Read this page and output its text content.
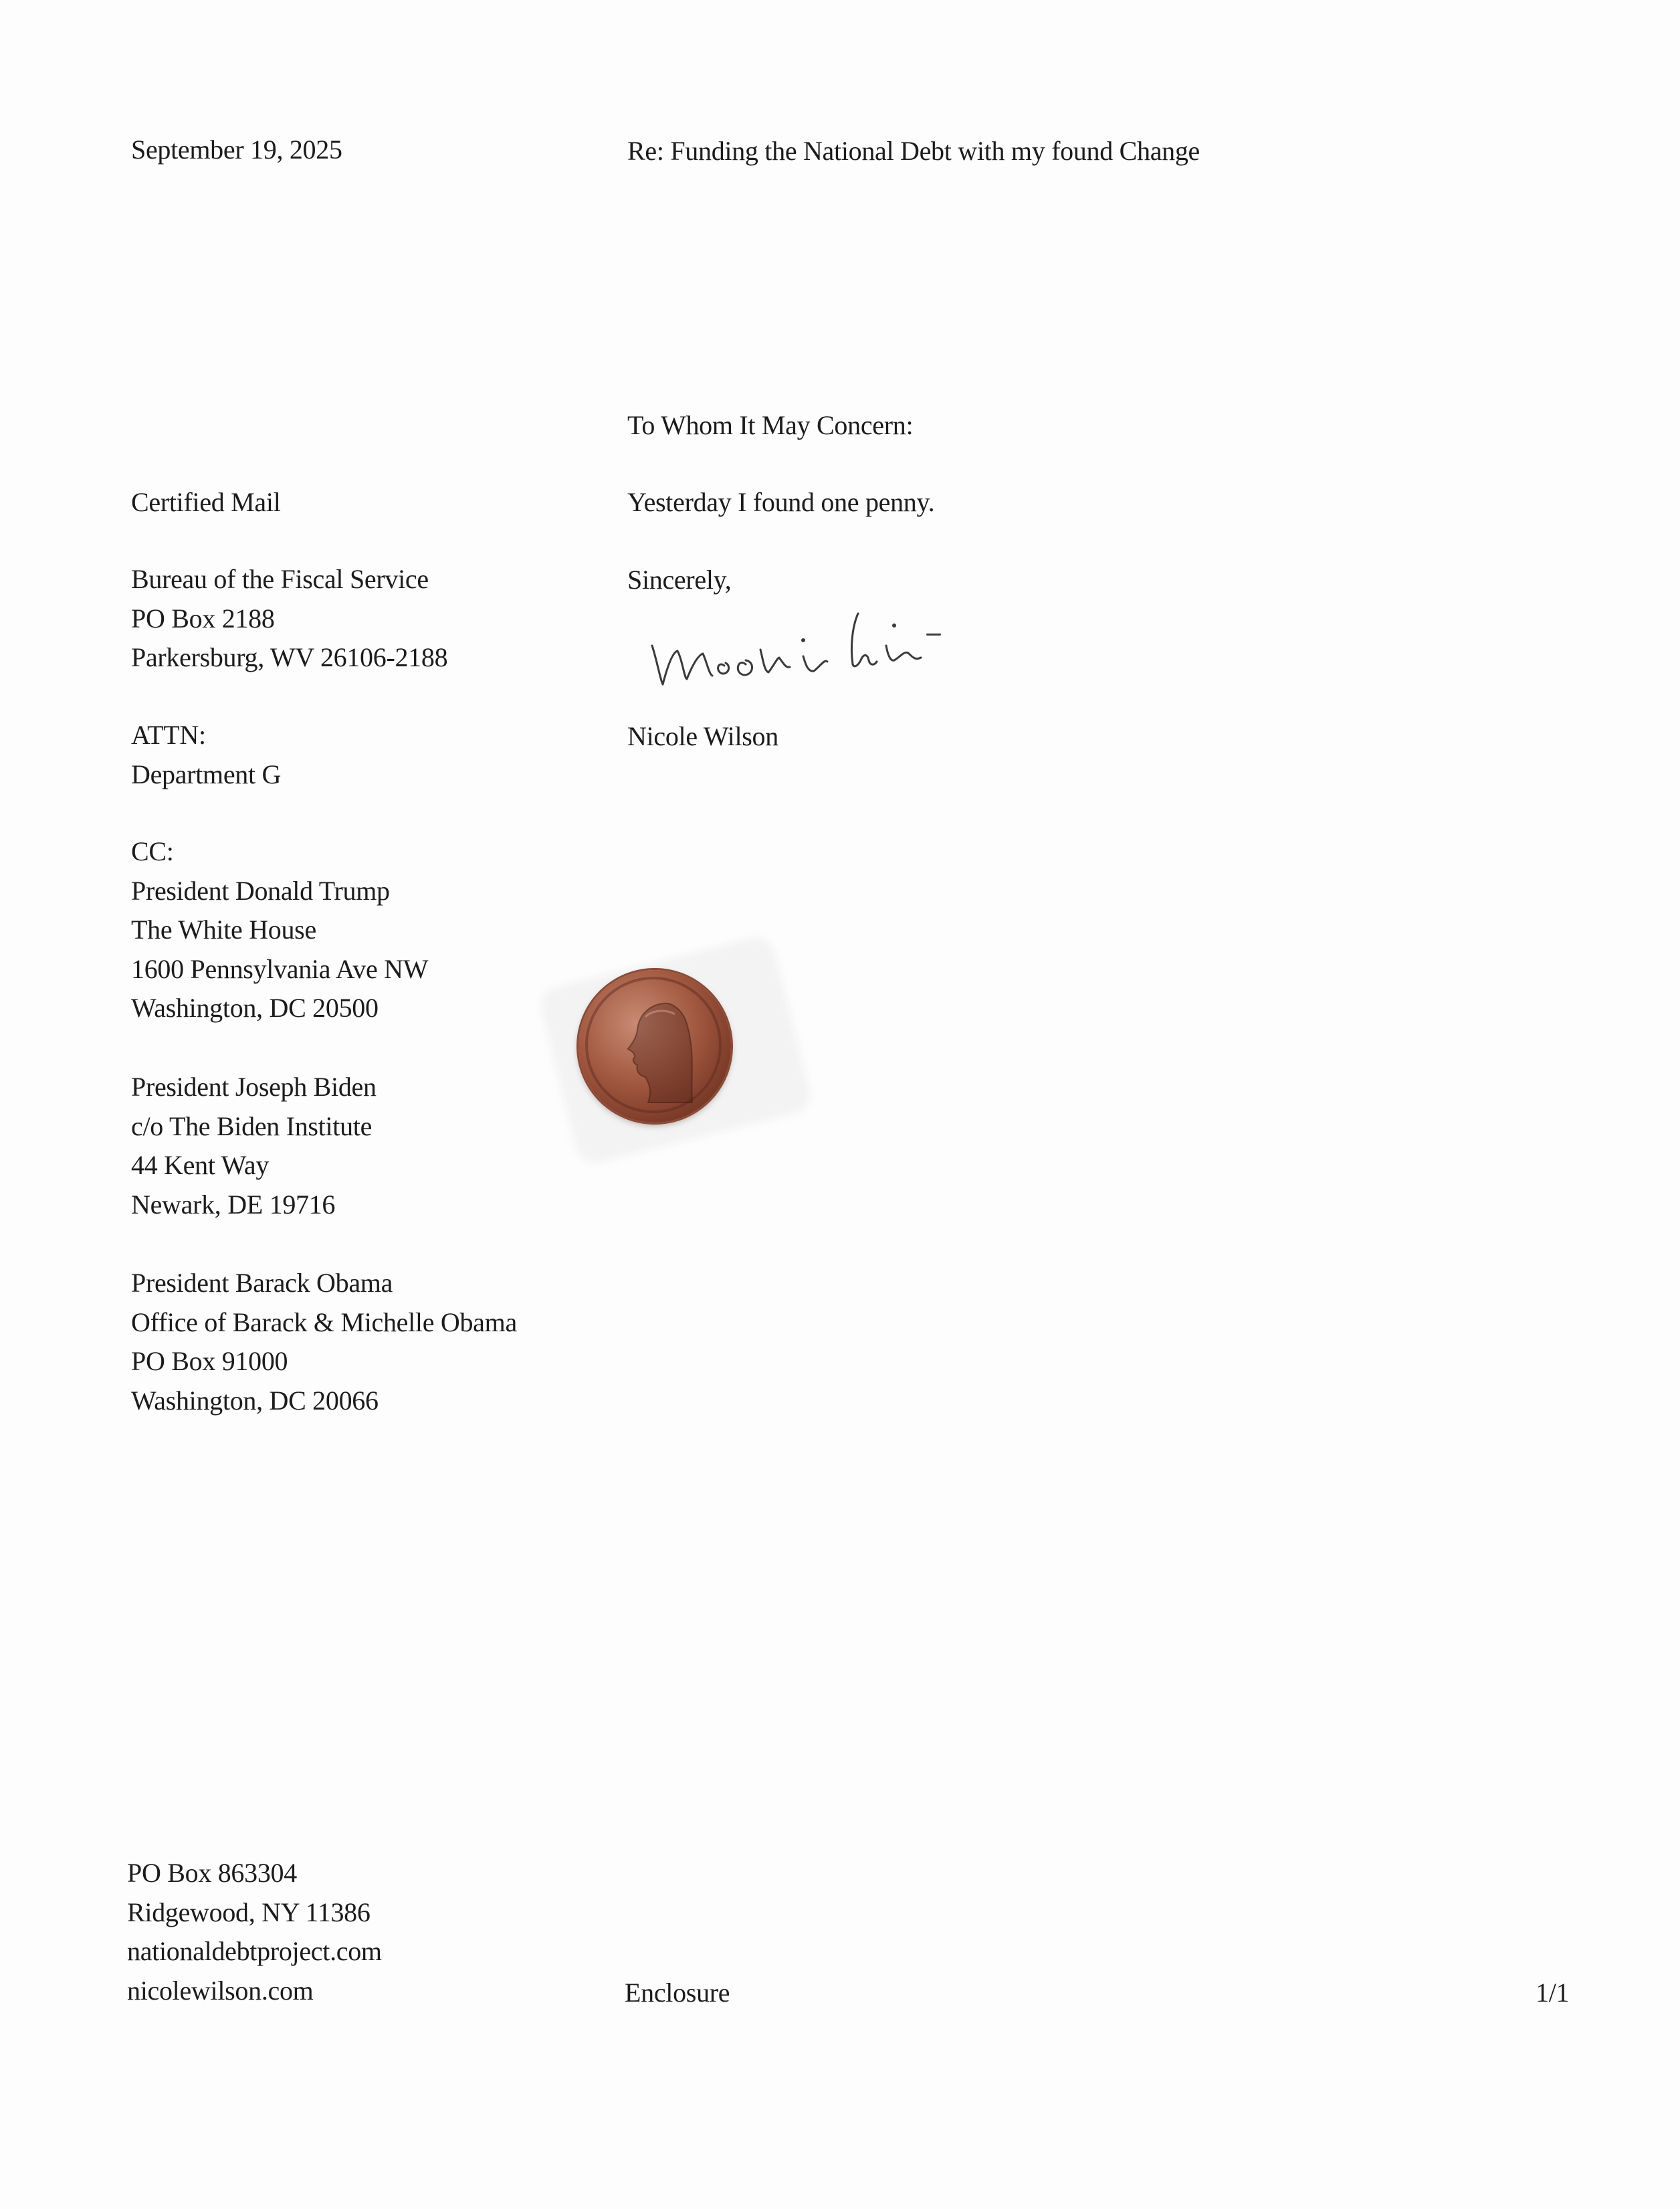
September 19, 2025	Re: Funding the National Debt with my found Change
To Whom It May Concern:
Yesterday I found one penny.
Sincerely,
Nicole Wilson
Certified Mail
Bureau of the Fiscal Service
PO Box 2188
Parkersburg, WV 26106-2188
ATTN:
Department G
CC:
President Donald Trump
The White House
1600 Pennsylvania Ave NW
Washington, DC 20500
President Joseph Biden
c/o The Biden Institute
44 Kent Way
Newark, DE 19716
President Barack Obama
Office of Barack & Michelle Obama
PO Box 91000
Washington, DC 20066
PO Box 863304
Ridgewood, NY 11386
nationaldebtproject.com
nicolewilson.com	Enclosure	1/1
